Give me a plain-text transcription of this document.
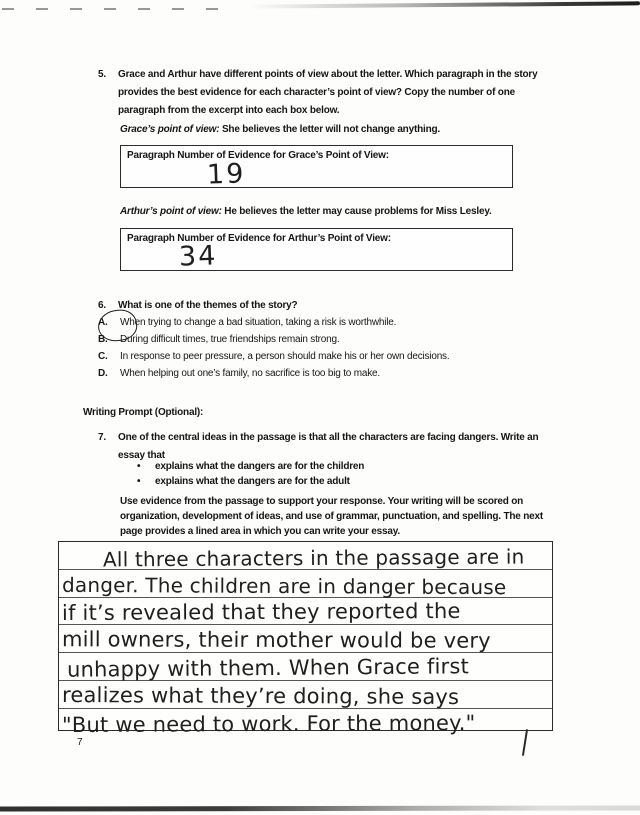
5.	Grace and Arthur have different points of view about the letter. Which paragraph in the story
provides the best evidence for each character’s point of view? Copy the number of one
paragraph from the excerpt into each box below.
Grace’s point of view: She believes the letter will not change anything.
Paragraph Number of Evidence for Grace’s Point of View:
19
Arthur’s point of view: He believes the letter may cause problems for Miss Lesley.
Paragraph Number of Evidence for Arthur’s Point of View:
34
6.	What is one of the themes of the story?
A.	When trying to change a bad situation, taking a risk is worthwhile.
B.	During difficult times, true friendships remain strong.
C.	In response to peer pressure, a person should make his or her own decisions.
D.	When helping out one’s family, no sacrifice is too big to make.
Writing Prompt (Optional):
7.	One of the central ideas in the passage is that all the characters are facing dangers. Write an
essay that
•	explains what the dangers are for the children
•	explains what the dangers are for the adult
Use evidence from the passage to support your response. Your writing will be scored on
organization, development of ideas, and use of grammar, punctuation, and spelling. The next
page provides a lined area in which you can write your essay.
All three characters in the passage are in
danger. The children are in danger because
if it’s revealed that they reported the
mill owners, their mother would be very
unhappy with them. When Grace first
realizes what they’re doing, she says
"But we need to work. For the money."
7
